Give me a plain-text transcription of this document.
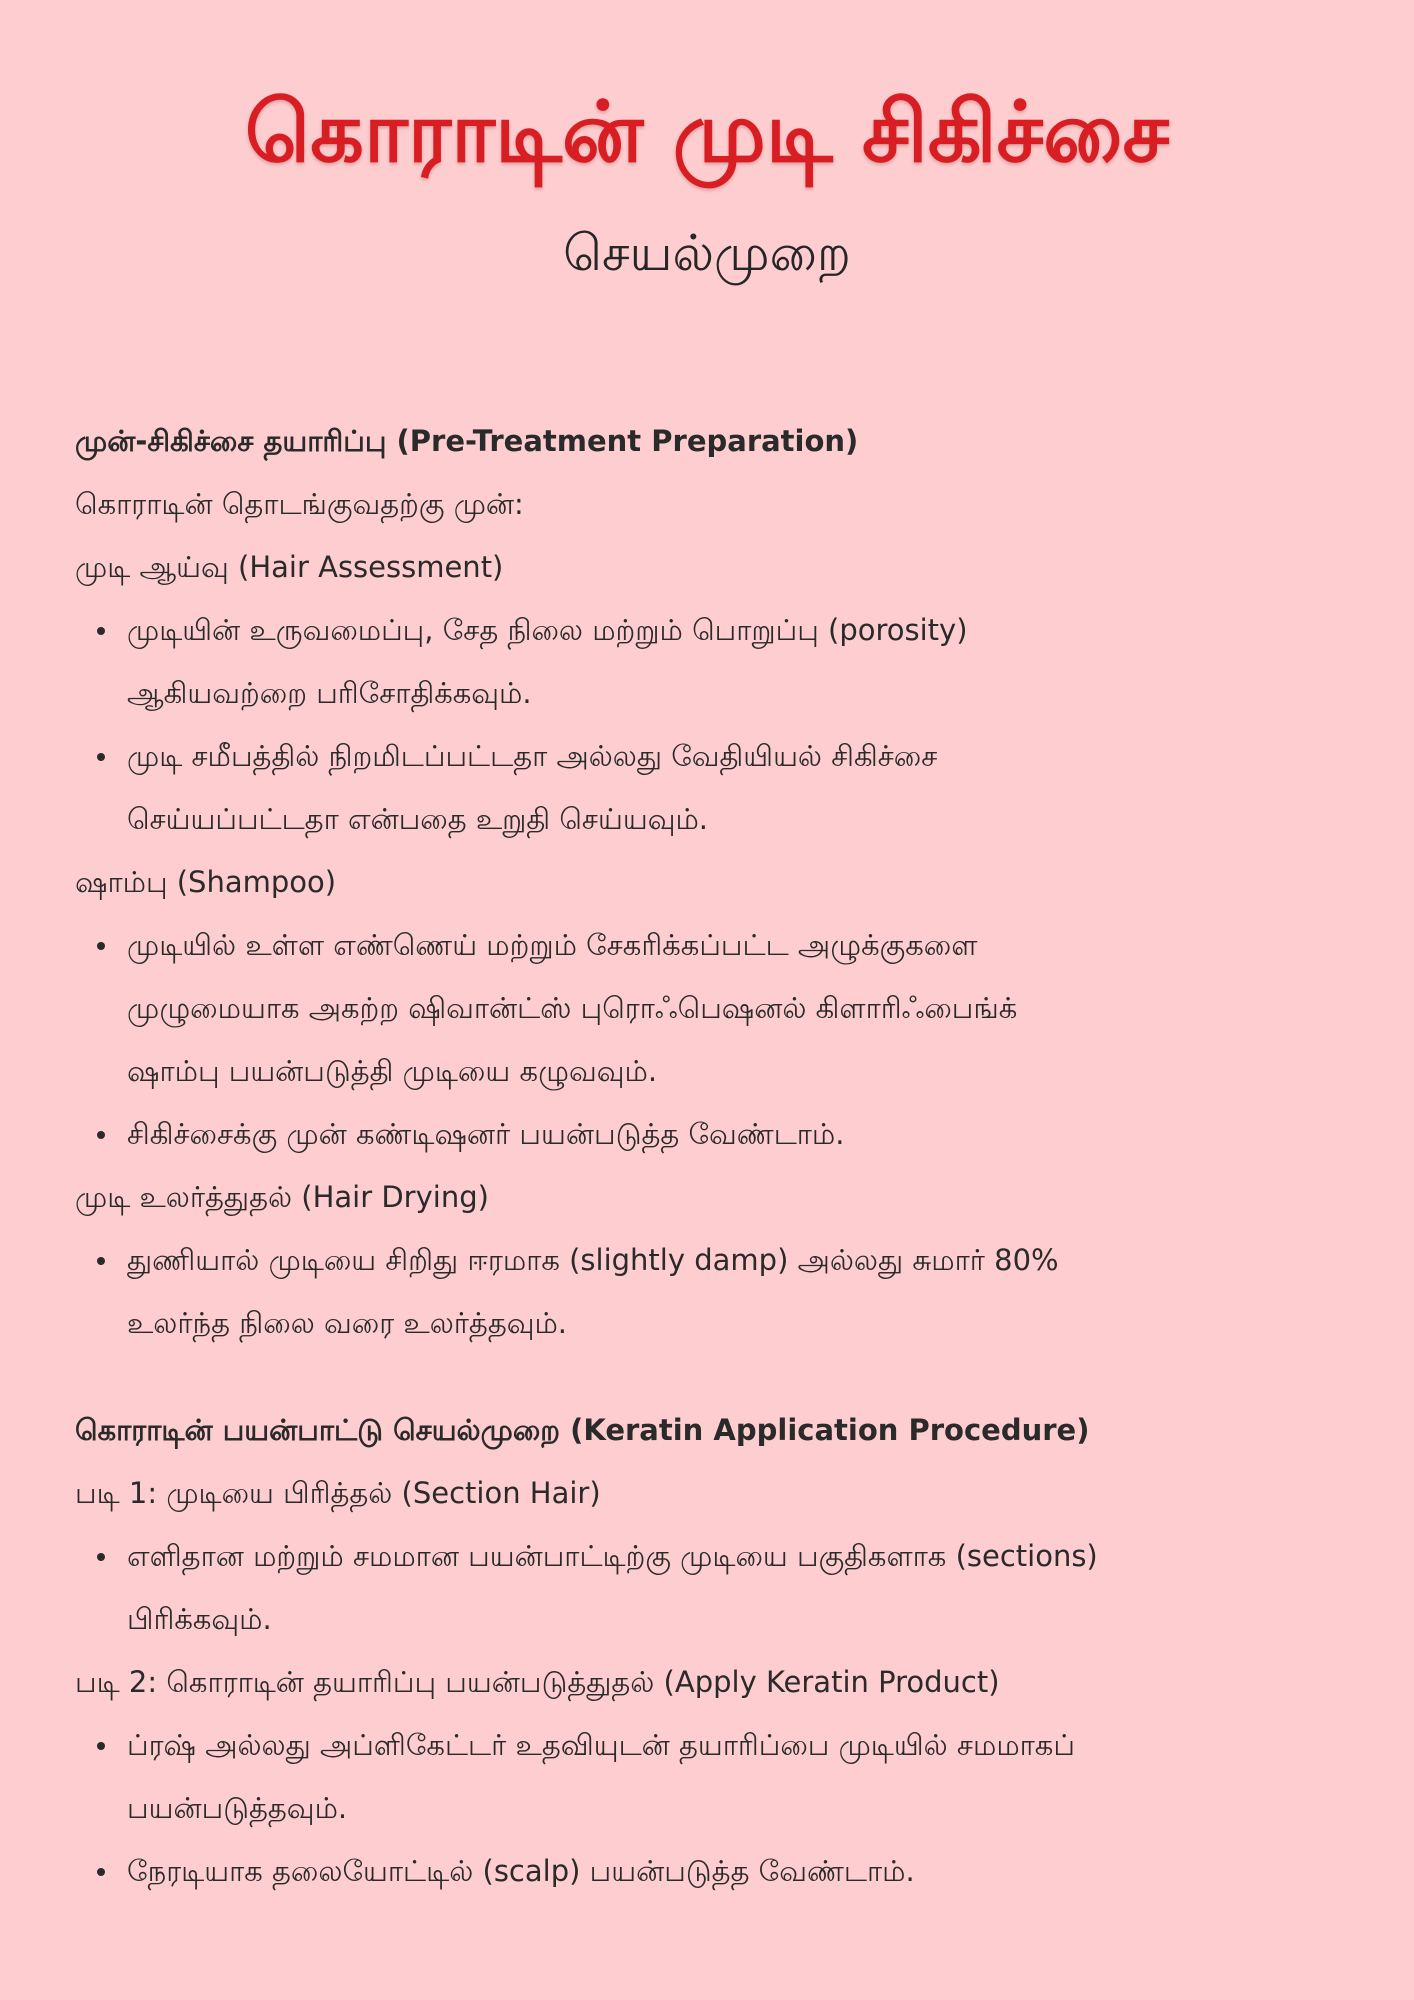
கொராடின் முடி சிகிச்சை
செயல்முறை

முன்-சிகிச்சை தயாரிப்பு (Pre-Treatment Preparation)

கொராடின் தொடங்குவதற்கு முன்:

முடி ஆய்வு (Hair Assessment)

முடியின் உருவமைப்பு, சேத நிலை மற்றும் பொறுப்பு (porosity)
ஆகியவற்றை பரிசோதிக்கவும்.
முடி சமீபத்தில் நிறமிடப்பட்டதா அல்லது வேதியியல் சிகிச்சை
செய்யப்பட்டதா என்பதை உறுதி செய்யவும்.

ஷாம்பு (Shampoo)

முடியில் உள்ள எண்ணெய் மற்றும் சேகரிக்கப்பட்ட அழுக்குகளை
முழுமையாக அகற்ற ஷிவான்ட்ஸ் புரொஃபெஷனல் கிளாரிஃபைங்க்
ஷாம்பு பயன்படுத்தி முடியை கழுவவும்.
சிகிச்சைக்கு முன் கண்டிஷனர் பயன்படுத்த வேண்டாம்.

முடி உலர்த்துதல் (Hair Drying)

துணியால் முடியை சிறிது ஈரமாக (slightly damp) அல்லது சுமார் 80%
உலர்ந்த நிலை வரை உலர்த்தவும்.

கொராடின் பயன்பாட்டு செயல்முறை (Keratin Application Procedure)

படி 1: முடியை பிரித்தல் (Section Hair)

எளிதான மற்றும் சமமான பயன்பாட்டிற்கு முடியை பகுதிகளாக (sections)
பிரிக்கவும்.

படி 2: கொராடின் தயாரிப்பு பயன்படுத்துதல் (Apply Keratin Product)

ப்ரஷ் அல்லது அப்ளிகேட்டர் உதவியுடன் தயாரிப்பை முடியில் சமமாகப்
பயன்படுத்தவும்.
நேரடியாக தலையோட்டில் (scalp) பயன்படுத்த வேண்டாம்.
